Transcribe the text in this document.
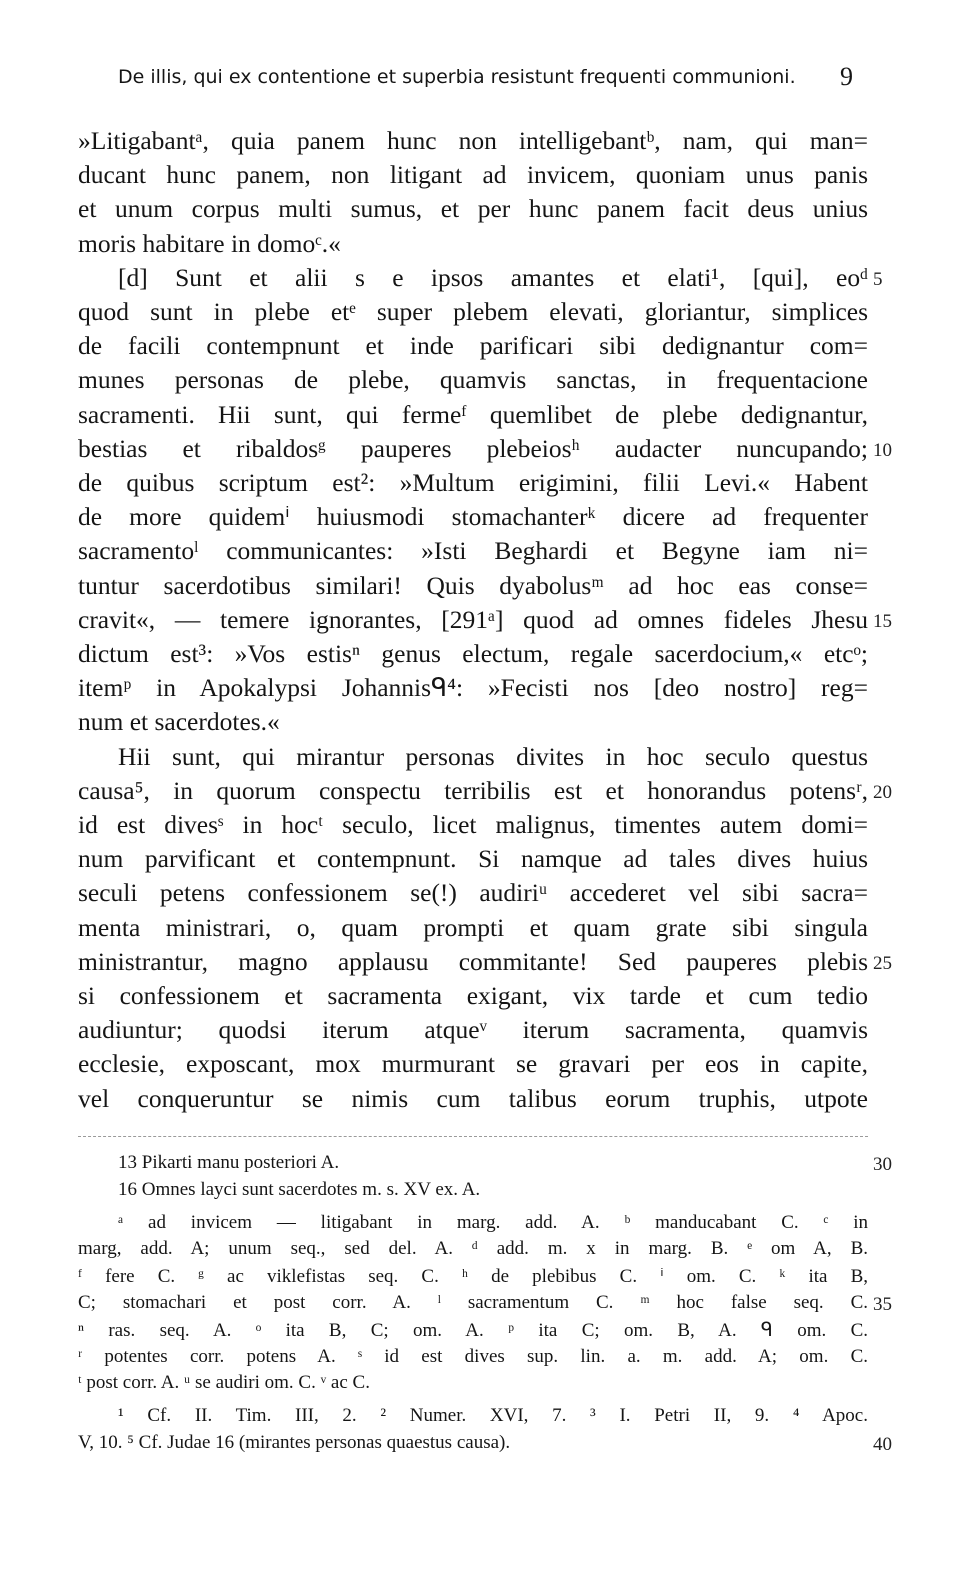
De illis, qui ex contentione et superbia resistunt frequenti communioni. 9
»Litigabantᵃ, quia panem hunc non intelligebantᵇ, nam, qui man=
ducant hunc panem, non litigant ad invicem, quoniam unus panis
et unum corpus multi sumus, et per hunc panem facit deus unius
moris habitare in domoᶜ.«
[d] Sunt et alii s e ipsos amantes et elati¹, [qui], eoᵈ
quod sunt in plebe etᵉ super plebem elevati, gloriantur, simplices
de facili contempnunt et inde parificari sibi dedignantur com=
munes personas de plebe, quamvis sanctas, in frequentacione
sacramenti. Hii sunt, qui fermeᶠ quemlibet de plebe dedignantur,
bestias et ribaldosᵍ pauperes plebeiosʰ audacter nuncupando;
de quibus scriptum est²: »Multum erigimini, filii Levi.« Habent
de more quidemⁱ huiusmodi stomachanterᵏ dicere ad frequenter
sacramentoˡ communicantes: »Isti Beghardi et Begyne iam ni=
tuntur sacerdotibus similari! Quis dyabolusᵐ ad hoc eas conse=
cravit«, — temere ignorantes, [291ᵃ] quod ad omnes fideles Jhesu
dictum est³: »Vos estisⁿ genus electum, regale sacerdocium,« etcᵒ;
itemᵖ in Apokalypsi Johannisᑫ⁴: »Fecisti nos [deo nostro] reg=
num et sacerdotes.«
Hii sunt, qui mirantur personas divites in hoc seculo questus
causa⁵, in quorum conspectu terribilis est et honorandus potensʳ,
id est divesˢ in hocᵗ seculo, licet malignus, timentes autem domi=
num parvificant et contempnunt. Si namque ad tales dives huius
seculi petens confessionem se(!) audiriᵘ accederet vel sibi sacra=
menta ministrari, o, quam prompti et quam grate sibi singula
ministrantur, magno applausu commitante! Sed pauperes plebis
si confessionem et sacramenta exigant, vix tarde et cum tedio
audiuntur; quodsi iterum atqueᵛ iterum sacramenta, quamvis
ecclesie, exposcant, mox murmurant se gravari per eos in capite,
vel conqueruntur se nimis cum talibus eorum truphis, utpote
5
10
15
20
25
13 Pikarti manu posteriori A.
16 Omnes layci sunt sacerdotes m. s. XV ex. A.
ᵃ ad invicem — litigabant in marg. add. A. ᵇ manducabant C. ᶜ in
marg, add. A; unum seq., sed del. A. ᵈ add. m. x in marg. B. ᵉ om A, B.
ᶠ fere C. ᵍ ac viklefistas seq. C. ʰ de plebibus C. ⁱ om. C. ᵏ ita B,
C; stomachari et post corr. A. ˡ sacramentum C. ᵐ hoc false seq. C.
ⁿ ras. seq. A. ᵒ ita B, C; om. A. ᵖ ita C; om. B, A. ᑫ om. C.
ʳ potentes corr. potens A. ˢ id est dives sup. lin. a. m. add. A; om. C.
ᵗ post corr. A. ᵘ se audiri om. C. ᵛ ac C.
¹ Cf. II. Tim. III, 2. ² Numer. XVI, 7. ³ I. Petri II, 9. ⁴ Apoc.
V, 10. ⁵ Cf. Judae 16 (mirantes personas quaestus causa).
30
35
40
